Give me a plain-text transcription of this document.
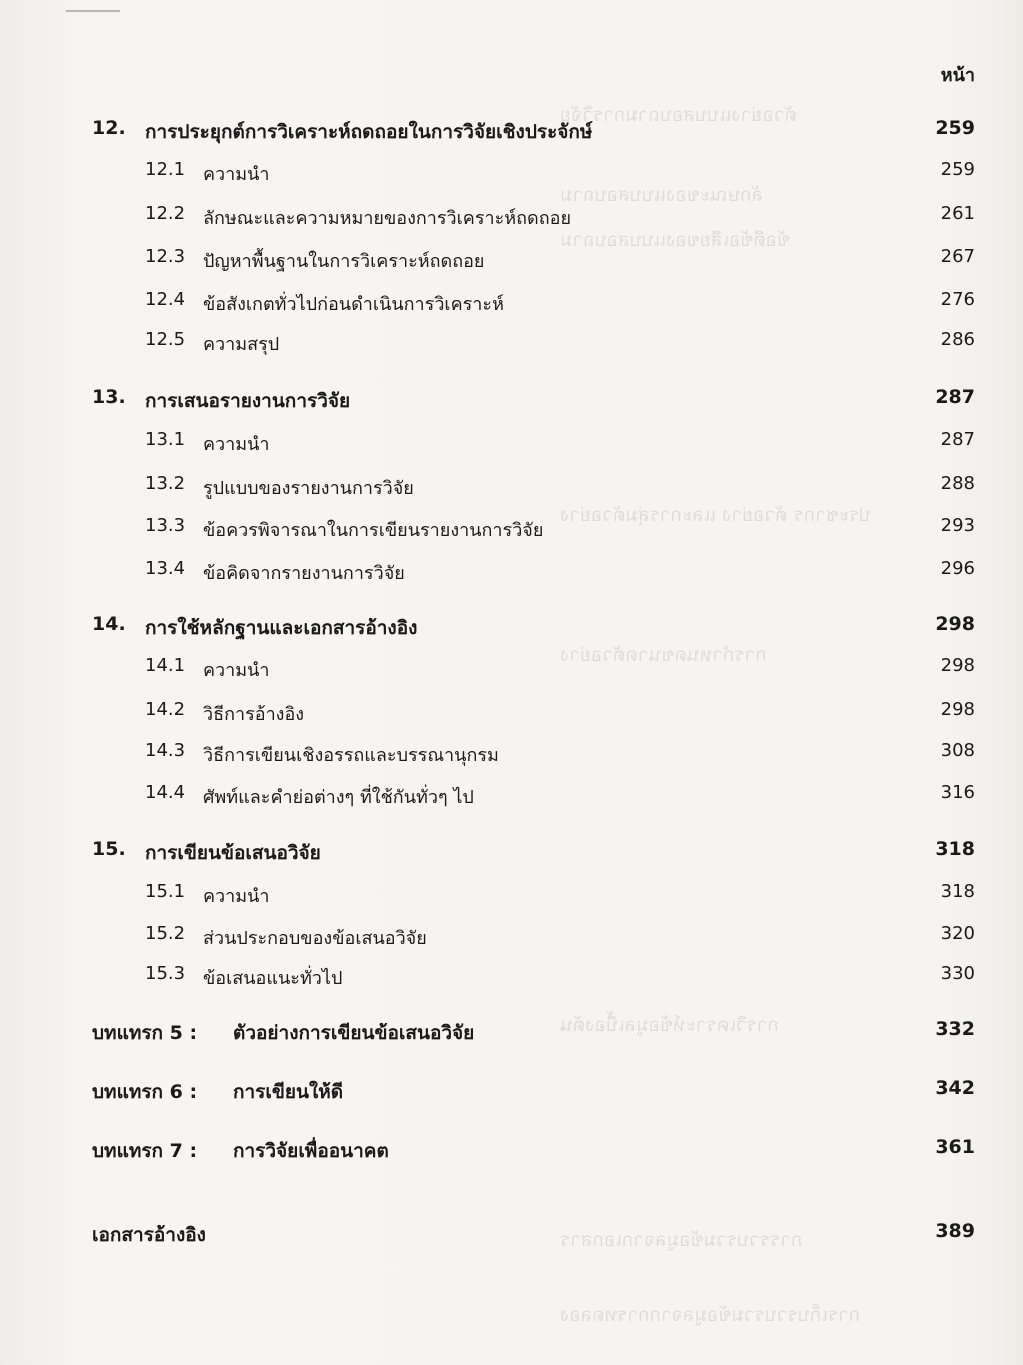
ตัวอย่างแบบสอบถามการวิจัย
ลักษณะของแบบสอบถาม
ข้อดีข้อเสียของแบบสอบถาม
ประชากร ตัวอย่าง และการสุ่มตัวอย่าง
การกำหนดขนาดตัวอย่าง
การวิเคราะห์ข้อมูลเบื้องต้น
การรวบรวมข้อมูลจากเอกสาร
การเก็บรวบรวมข้อมูลจากการทดลอง
หน้า
12. การประยุกต์การวิเคราะห์ถดถอยในการวิจัยเชิงประจักษ์	259
12.1 ความนำ	259
12.2 ลักษณะและความหมายของการวิเคราะห์ถดถอย	261
12.3 ปัญหาพื้นฐานในการวิเคราะห์ถดถอย	267
12.4 ข้อสังเกตทั่วไปก่อนดำเนินการวิเคราะห์	276
12.5 ความสรุป	286
13. การเสนอรายงานการวิจัย	287
13.1 ความนำ	287
13.2 รูปแบบของรายงานการวิจัย	288
13.3 ข้อควรพิจารณาในการเขียนรายงานการวิจัย	293
13.4 ข้อคิดจากรายงานการวิจัย	296
14. การใช้หลักฐานและเอกสารอ้างอิง	298
14.1 ความนำ	298
14.2 วิธีการอ้างอิง	298
14.3 วิธีการเขียนเชิงอรรถและบรรณานุกรม	308
14.4 ศัพท์และคำย่อต่างๆ ที่ใช้กันทั่วๆ ไป	316
15. การเขียนข้อเสนอวิจัย	318
15.1 ความนำ	318
15.2 ส่วนประกอบของข้อเสนอวิจัย	320
15.3 ข้อเสนอแนะทั่วไป	330
บทแทรก 5 : ตัวอย่างการเขียนข้อเสนอวิจัย	332
บทแทรก 6 : การเขียนให้ดี	342
บทแทรก 7 : การวิจัยเพื่ออนาคต	361
เอกสารอ้างอิง	389
